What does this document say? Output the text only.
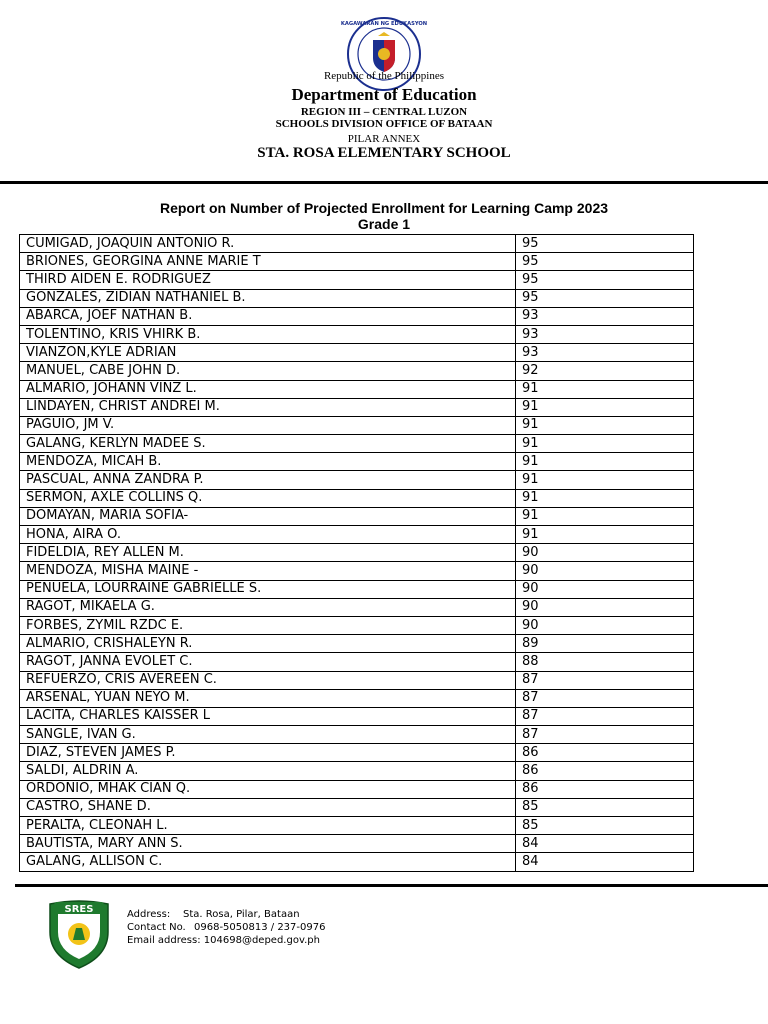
KAGAWARAN NG EDUKASYON
Republic of the Philippines
Department of Education
REGION III – CENTRAL LUZON
SCHOOLS DIVISION OFFICE OF BATAAN
PILAR ANNEX
STA. ROSA ELEMENTARY SCHOOL
Report on Number of Projected Enrollment for Learning Camp 2023
Grade 1
CUMIGAD, JOAQUIN ANTONIO R.	95
BRIONES, GEORGINA ANNE MARIE T	95
THIRD AIDEN E. RODRIGUEZ	95
GONZALES, ZIDIAN NATHANIEL B.	95
ABARCA, JOEF NATHAN B.	93
TOLENTINO, KRIS VHIRK B.	93
VIANZON,KYLE ADRIAN	93
MANUEL, CABE JOHN D.	92
ALMARIO, JOHANN VINZ L.	91
LINDAYEN, CHRIST ANDREI M.	91
PAGUIO, JM V.	91
GALANG, KERLYN MADEE S.	91
MENDOZA, MICAH B.	91
PASCUAL, ANNA ZANDRA P.	91
SERMON, AXLE COLLINS Q.	91
DOMAYAN, MARIA SOFIA-	91
HONA, AIRA O.	91
FIDELDIA, REY ALLEN M.	90
MENDOZA, MISHA MAINE -	90
PENUELA, LOURRAINE GABRIELLE S.	90
RAGOT, MIKAELA G.	90
FORBES, ZYMIL RZDC E.	90
ALMARIO, CRISHALEYN R.	89
RAGOT, JANNA EVOLET C.	88
REFUERZO, CRIS AVEREEN C.	87
ARSENAL, YUAN NEYO M.	87
LACITA, CHARLES KAISSER L	87
SANGLE, IVAN G.	87
DIAZ, STEVEN JAMES P.	86
SALDI, ALDRIN A.	86
ORDONIO, MHAK CIAN Q.	86
CASTRO, SHANE D.	85
PERALTA, CLEONAH L.	85
BAUTISTA, MARY ANN S.	84
GALANG, ALLISON C.	84
SRES	Address: Sta. Rosa, Pilar, Bataan
Contact No. 0968-5050813 / 237-0976
Email address: 104698@deped.gov.ph
